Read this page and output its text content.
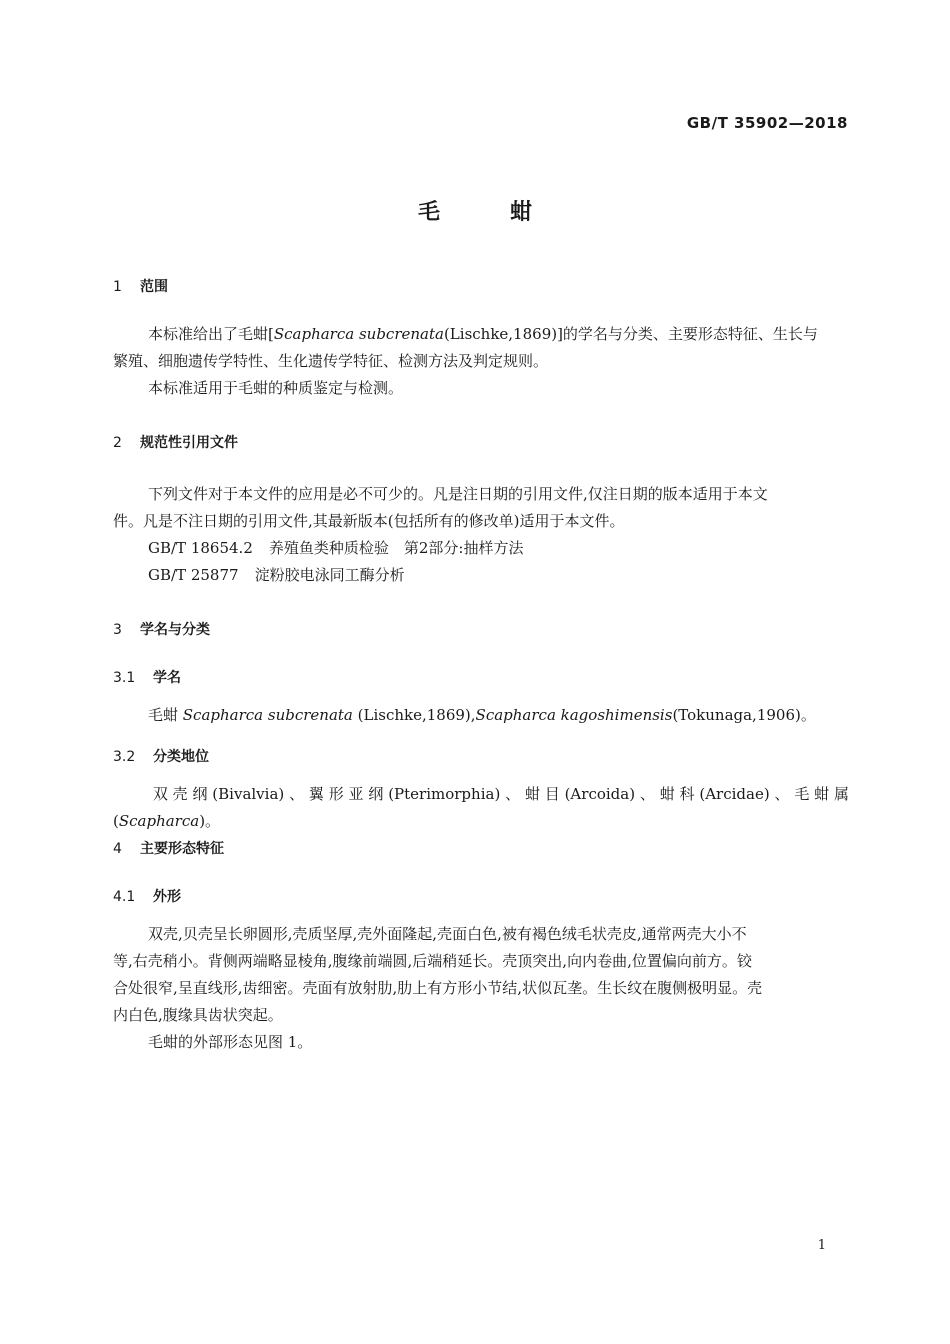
GB/T 35902—2018
毛蚶
1 范围
本标准给出了毛蚶[Scapharca subcrenata(Lischke,1869)]的学名与分类、主要形态特征、生长与
繁殖、细胞遗传学特性、生化遗传学特征、检测方法及判定规则。
本标准适用于毛蚶的种质鉴定与检测。
2 规范性引用文件
下列文件对于本文件的应用是必不可少的。凡是注日期的引用文件,仅注日期的版本适用于本文
件。凡是不注日期的引用文件,其最新版本(包括所有的修改单)适用于本文件。
GB/T 18654.2 养殖鱼类种质检验　第2部分:抽样方法
GB/T 25877 淀粉胶电泳同工酶分析
3 学名与分类
3.1 学名
毛蚶 Scapharca subcrenata (Lischke,1869),Scapharca kagoshimensis(Tokunaga,1906)。
3.2 分类地位
双壳纲(Bivalvia)、翼形亚纲(Pterimorphia)、蚶目(Arcoida)、蚶科(Arcidae)、毛蚶属(Scapharca)。
4 主要形态特征
4.1 外形
双壳,贝壳呈长卵圆形,壳质坚厚,壳外面隆起,壳面白色,被有褐色绒毛状壳皮,通常两壳大小不
等,右壳稍小。背侧两端略显棱角,腹缘前端圆,后端稍延长。壳顶突出,向内卷曲,位置偏向前方。铰
合处很窄,呈直线形,齿细密。壳面有放射肋,肋上有方形小节结,状似瓦垄。生长纹在腹侧极明显。壳
内白色,腹缘具齿状突起。
毛蚶的外部形态见图 1。
1
